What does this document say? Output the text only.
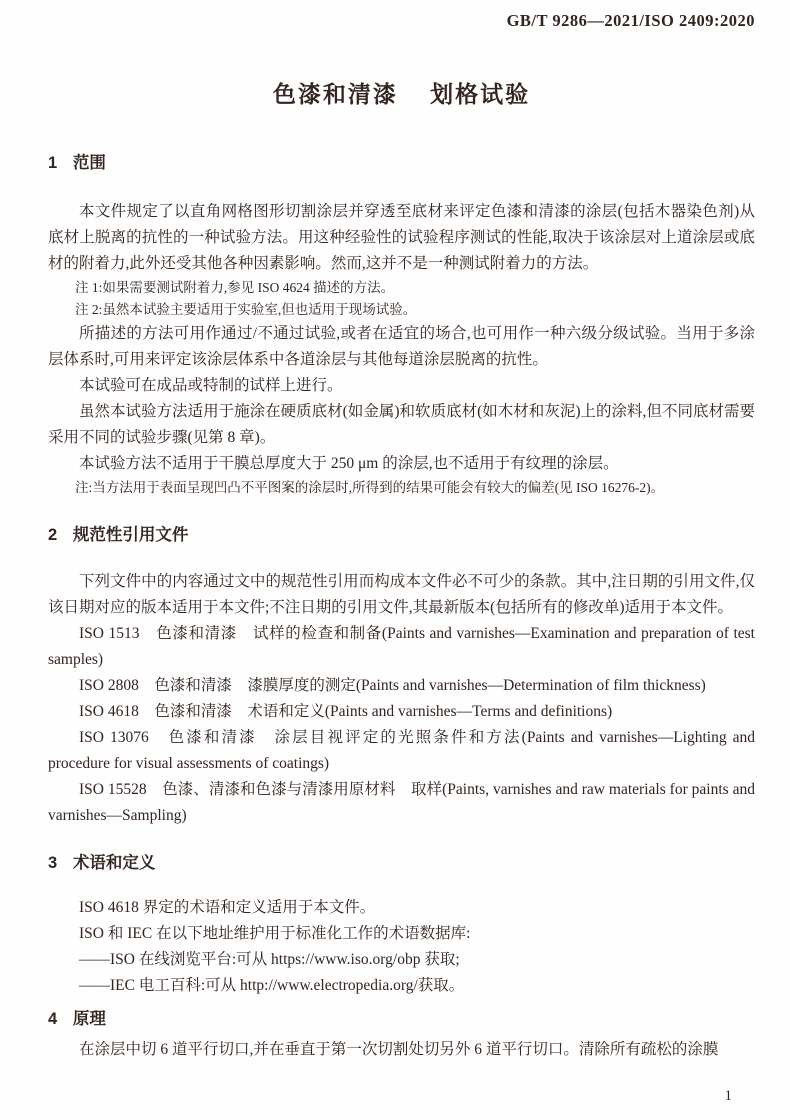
GB/T 9286—2021/ISO 2409:2020
色漆和清漆 划格试验
1 范围

本文件规定了以直角网格图形切割涂层并穿透至底材来评定色漆和清漆的涂层(包括木器染色剂)从底材上脱离的抗性的一种试验方法。用这种经验性的试验程序测试的性能,取决于该涂层对上道涂层或底材的附着力,此外还受其他各种因素影响。然而,这并不是一种测试附着力的方法。

注 1:如果需要测试附着力,参见 ISO 4624 描述的方法。

注 2:虽然本试验主要适用于实验室,但也适用于现场试验。

所描述的方法可用作通过/不通过试验,或者在适宜的场合,也可用作一种六级分级试验。当用于多涂层体系时,可用来评定该涂层体系中各道涂层与其他每道涂层脱离的抗性。

本试验可在成品或特制的试样上进行。

虽然本试验方法适用于施涂在硬质底材(如金属)和软质底材(如木材和灰泥)上的涂料,但不同底材需要采用不同的试验步骤(见第 8 章)。

本试验方法不适用于干膜总厚度大于 250 μm 的涂层,也不适用于有纹理的涂层。

注:当方法用于表面呈现凹凸不平图案的涂层时,所得到的结果可能会有较大的偏差(见 ISO 16276-2)。

2 规范性引用文件

下列文件中的内容通过文中的规范性引用而构成本文件必不可少的条款。其中,注日期的引用文件,仅该日期对应的版本适用于本文件;不注日期的引用文件,其最新版本(包括所有的修改单)适用于本文件。

ISO 1513　色漆和清漆　试样的检查和制备(Paints and varnishes—Examination and preparation of test samples)

ISO 2808　色漆和清漆　漆膜厚度的测定(Paints and varnishes—Determination of film thickness)

ISO 4618　色漆和清漆　术语和定义(Paints and varnishes—Terms and definitions)

ISO 13076　色漆和清漆　涂层目视评定的光照条件和方法(Paints and varnishes—Lighting and procedure for visual assessments of coatings)

ISO 15528　色漆、清漆和色漆与清漆用原材料　取样(Paints, varnishes and raw materials for paints and varnishes—Sampling)

3 术语和定义

ISO 4618 界定的术语和定义适用于本文件。

ISO 和 IEC 在以下地址维护用于标准化工作的术语数据库:

——ISO 在线浏览平台:可从 https://www.iso.org/obp 获取;

——IEC 电工百科:可从 http://www.electropedia.org/获取。

4 原理

在涂层中切 6 道平行切口,并在垂直于第一次切割处切另外 6 道平行切口。清除所有疏松的涂膜

1
